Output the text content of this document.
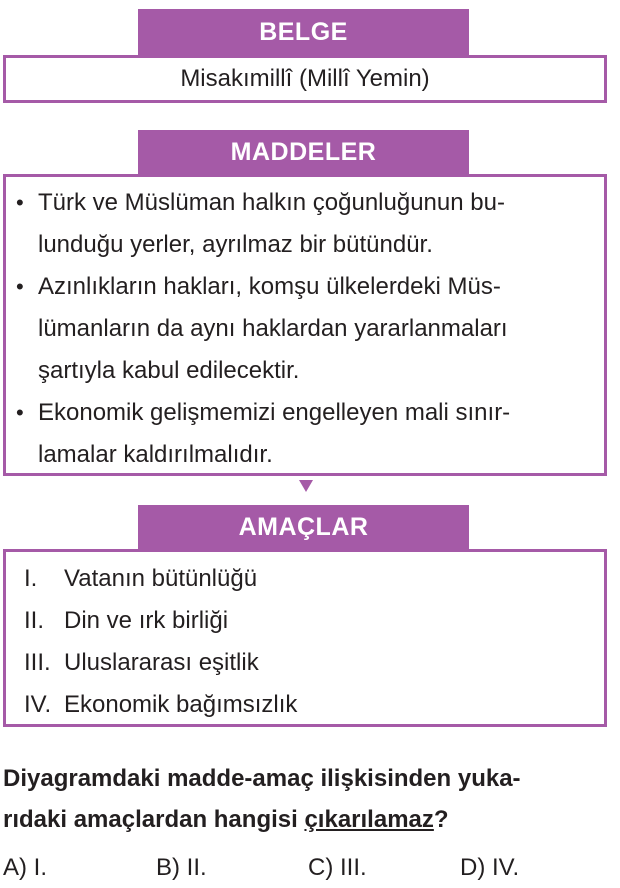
BELGE
Misakımillî (Millî Yemin)
MADDELER
• Türk ve Müslüman halkın çoğunluğunun bu-
lunduğu yerler, ayrılmaz bir bütündür.
• Azınlıkların hakları, komşu ülkelerdeki Müs-
lümanların da aynı haklardan yararlanmaları
şartıyla kabul edilecektir.
• Ekonomik gelişmemizi engelleyen mali sınır-
lamalar kaldırılmalıdır.
AMAÇLAR
I.	Vatanın bütünlüğü
II. Din ve ırk birliği
III. Uluslararası eşitlik
IV. Ekonomik bağımsızlık
Diyagramdaki madde-amaç ilişkisinden yuka-
rıdaki amaçlardan hangisi çıkarılamaz?
A) I.	B) II.	C) III.	D) IV.
